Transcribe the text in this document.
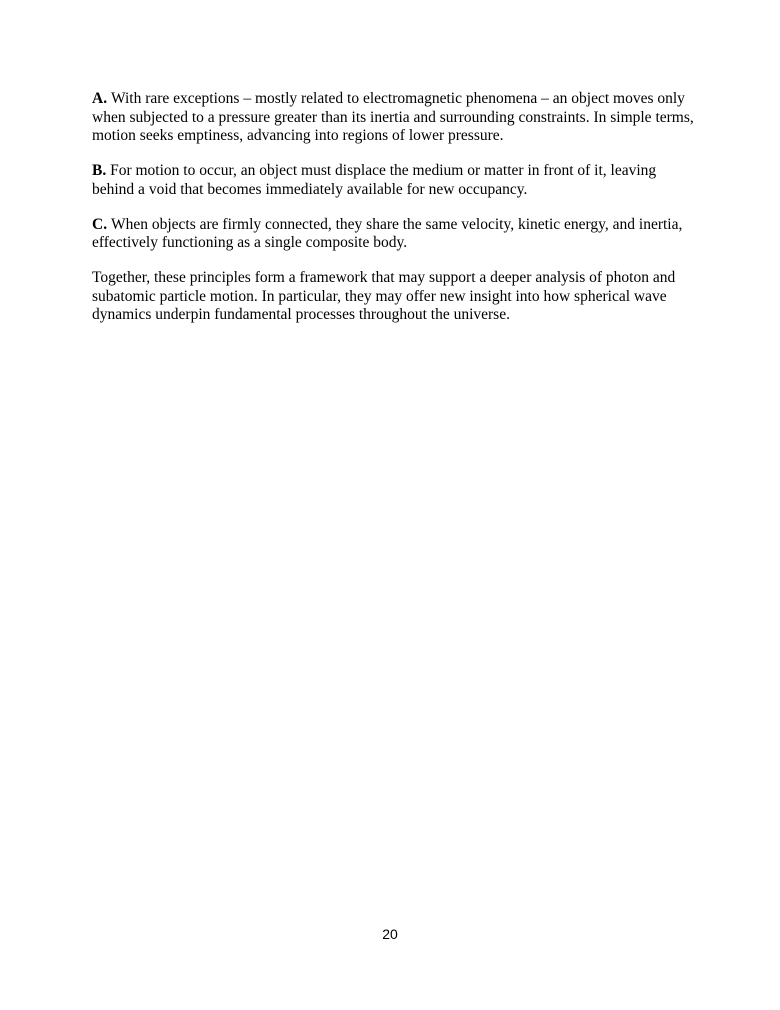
A. With rare exceptions – mostly related to electromagnetic phenomena – an object moves only
when subjected to a pressure greater than its inertia and surrounding constraints. In simple terms,
motion seeks emptiness, advancing into regions of lower pressure.

B. For motion to occur, an object must displace the medium or matter in front of it, leaving
behind a void that becomes immediately available for new occupancy.

C. When objects are firmly connected, they share the same velocity, kinetic energy, and inertia,
effectively functioning as a single composite body.

Together, these principles form a framework that may support a deeper analysis of photon and
subatomic particle motion. In particular, they may offer new insight into how spherical wave
dynamics underpin fundamental processes throughout the universe.

20
